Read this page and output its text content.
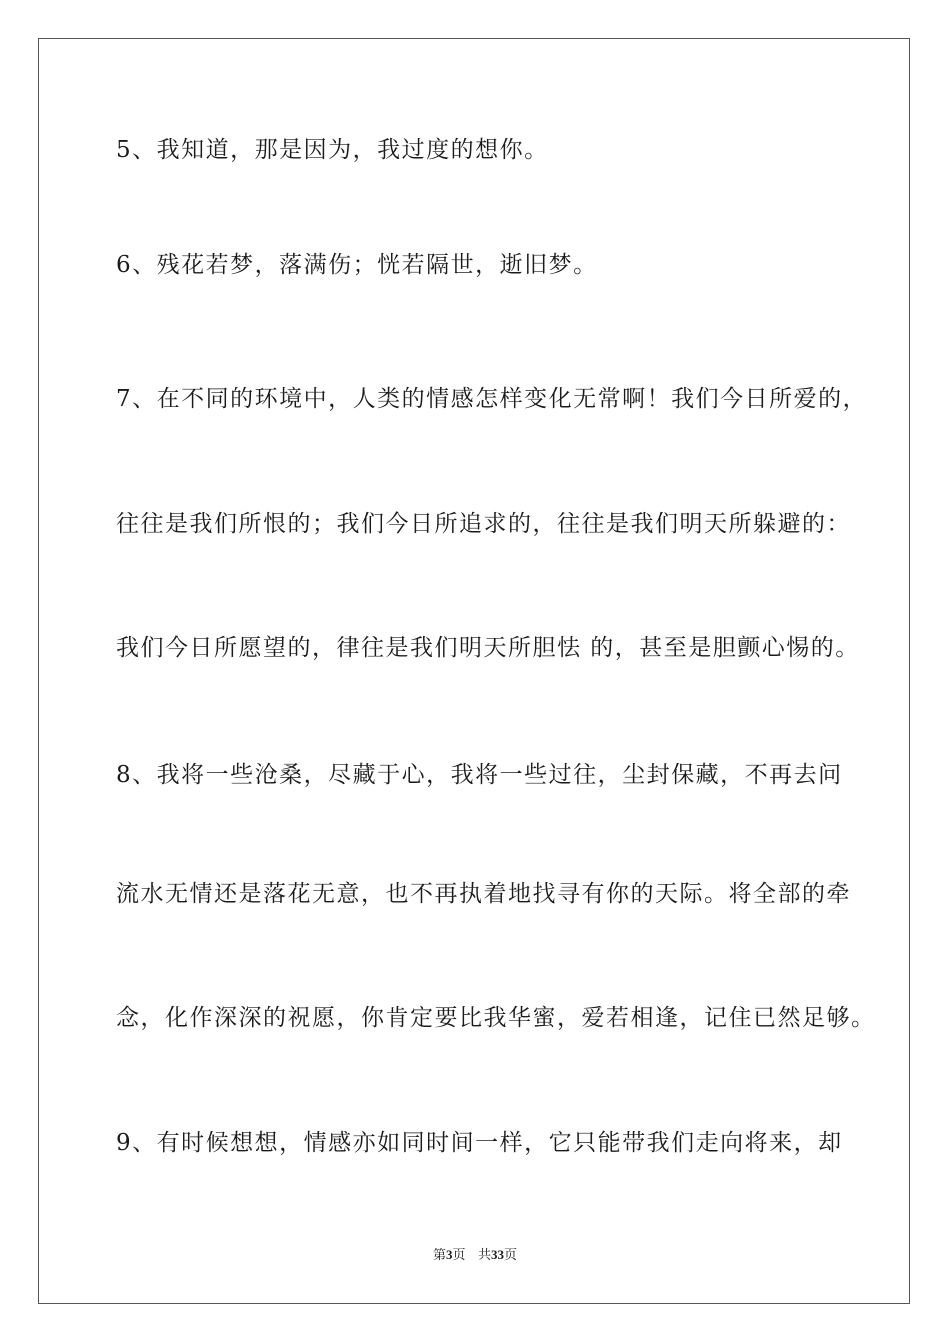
5、我知道，那是因为，我过度的想你。
6、残花若梦，落满伤；恍若隔世，逝旧梦。
7、在不同的环境中，人类的情感怎样变化无常啊！我们今日所爱的，
往往是我们所恨的；我们今日所追求的，往往是我们明天所躲避的：
我们今日所愿望的，律往是我们明天所胆怯 的，甚至是胆颤心惕的。
8、我将一些沧桑，尽藏于心，我将一些过往，尘封保藏，不再去问
流水无情还是落花无意，也不再执着地找寻有你的天际。将全部的牵
念，化作深深的祝愿，你肯定要比我华蜜，爱若相逢，记住已然足够。
9、有时候想想，情感亦如同时间一样，它只能带我们走向将来，却
第3页 共33页
